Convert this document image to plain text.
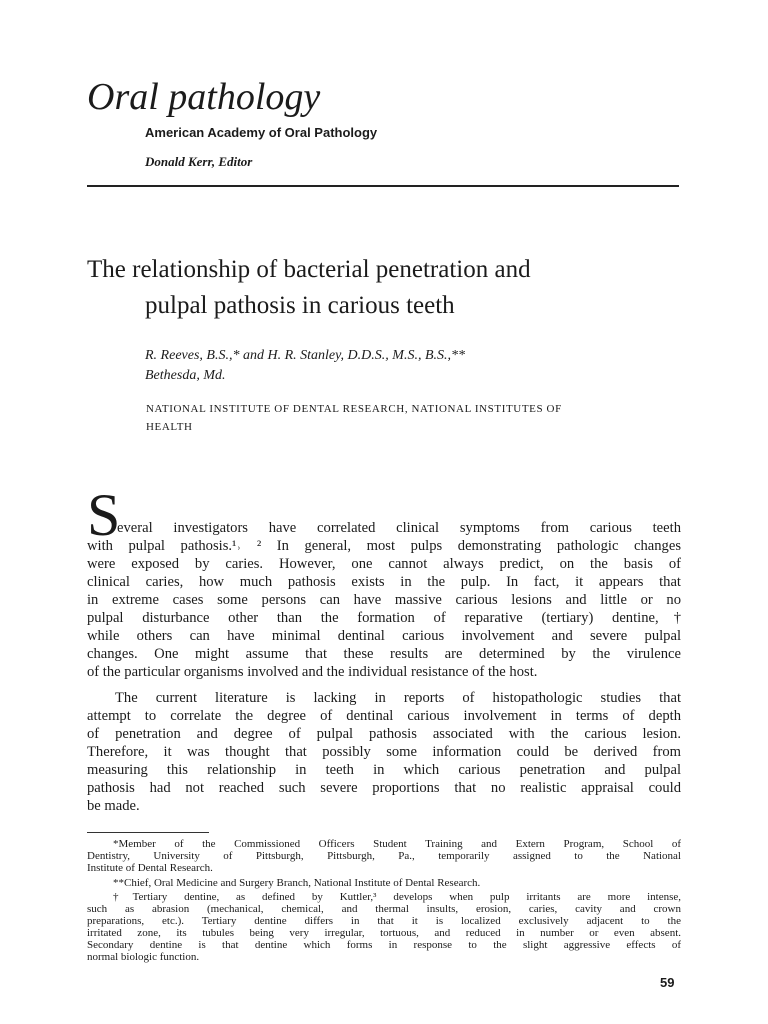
Oral pathology
American Academy of Oral Pathology
Donald Kerr, Editor
The relationship of bacterial penetration and
pulpal pathosis in carious teeth
R. Reeves, B.S.,* and H. R. Stanley, D.D.S., M.S., B.S.,**
Bethesda, Md.
NATIONAL INSTITUTE OF DENTAL RESEARCH, NATIONAL INSTITUTES OF
HEALTH
S
everal investigators have correlated clinical symptoms from carious teeth
with pulpal pathosis.¹˒ ² In general, most pulps demonstrating pathologic changes
were exposed by caries. However, one cannot always predict, on the basis of
clinical caries, how much pathosis exists in the pulp. In fact, it appears that
in extreme cases some persons can have massive carious lesions and little or no
pulpal disturbance other than the formation of reparative (tertiary) dentine,†
while others can have minimal dentinal carious involvement and severe pulpal
changes. One might assume that these results are determined by the virulence
of the particular organisms involved and the individual resistance of the host.
The current literature is lacking in reports of histopathologic studies that
attempt to correlate the degree of dentinal carious involvement in terms of depth
of penetration and degree of pulpal pathosis associated with the carious lesion.
Therefore, it was thought that possibly some information could be derived from
measuring this relationship in teeth in which carious penetration and pulpal
pathosis had not reached such severe proportions that no realistic appraisal could
be made.
*Member of the Commissioned Officers Student Training and Extern Program, School of
Dentistry, University of Pittsburgh, Pittsburgh, Pa., temporarily assigned to the National
Institute of Dental Research.
**Chief, Oral Medicine and Surgery Branch, National Institute of Dental Research.
†Tertiary dentine, as defined by Kuttler,³ develops when pulp irritants are more intense,
such as abrasion (mechanical, chemical, and thermal insults, erosion, caries, cavity and crown
preparations, etc.). Tertiary dentine differs in that it is localized exclusively adjacent to the
irritated zone, its tubules being very irregular, tortuous, and reduced in number or even absent.
Secondary dentine is that dentine which forms in response to the slight aggressive effects of
normal biologic function.
59
